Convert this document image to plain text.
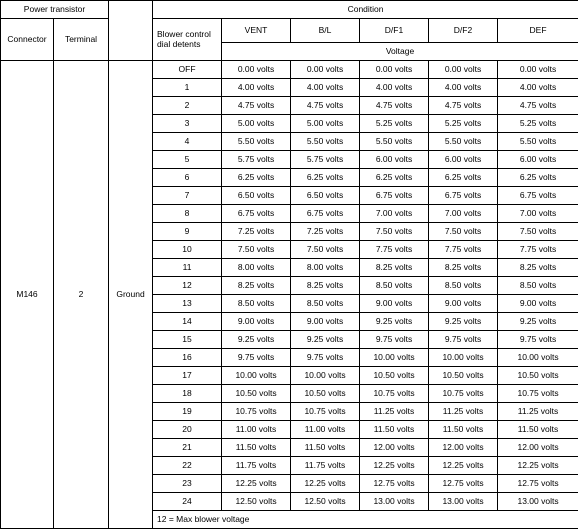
Power transistor			Condition					
Connector	Terminal		Blower control dial detents	VENT	B/L	D/F1	D/F2	DEF
				Voltage				
M146	2	Ground	OFF	0.00 volts	0.00 volts	0.00 volts	0.00 volts	0.00 volts
			1	4.00 volts	4.00 volts	4.00 volts	4.00 volts	4.00 volts
			2	4.75 volts	4.75 volts	4.75 volts	4.75 volts	4.75 volts
			3	5.00 volts	5.00 volts	5.25 volts	5.25 volts	5.25 volts
			4	5.50 volts	5.50 volts	5.50 volts	5.50 volts	5.50 volts
			5	5.75 volts	5.75 volts	6.00 volts	6.00 volts	6.00 volts
			6	6.25 volts	6.25 volts	6.25 volts	6.25 volts	6.25 volts
			7	6.50 volts	6.50 volts	6.75 volts	6.75 volts	6.75 volts
			8	6.75 volts	6.75 volts	7.00 volts	7.00 volts	7.00 volts
			9	7.25 volts	7.25 volts	7.50 volts	7.50 volts	7.50 volts
			10	7.50 volts	7.50 volts	7.75 volts	7.75 volts	7.75 volts
			11	8.00 volts	8.00 volts	8.25 volts	8.25 volts	8.25 volts
			12	8.25 volts	8.25 volts	8.50 volts	8.50 volts	8.50 volts
			13	8.50 volts	8.50 volts	9.00 volts	9.00 volts	9.00 volts
			14	9.00 volts	9.00 volts	9.25 volts	9.25 volts	9.25 volts
			15	9.25 volts	9.25 volts	9.75 volts	9.75 volts	9.75 volts
			16	9.75 volts	9.75 volts	10.00 volts	10.00 volts	10.00 volts
			17	10.00 volts	10.00 volts	10.50 volts	10.50 volts	10.50 volts
			18	10.50 volts	10.50 volts	10.75 volts	10.75 volts	10.75 volts
			19	10.75 volts	10.75 volts	11.25 volts	11.25 volts	11.25 volts
			20	11.00 volts	11.00 volts	11.50 volts	11.50 volts	11.50 volts
			21	11.50 volts	11.50 volts	12.00 volts	12.00 volts	12.00 volts
			22	11.75 volts	11.75 volts	12.25 volts	12.25 volts	12.25 volts
			23	12.25 volts	12.25 volts	12.75 volts	12.75 volts	12.75 volts
			24	12.50 volts	12.50 volts	13.00 volts	13.00 volts	13.00 volts
			12 = Max blower voltage					
